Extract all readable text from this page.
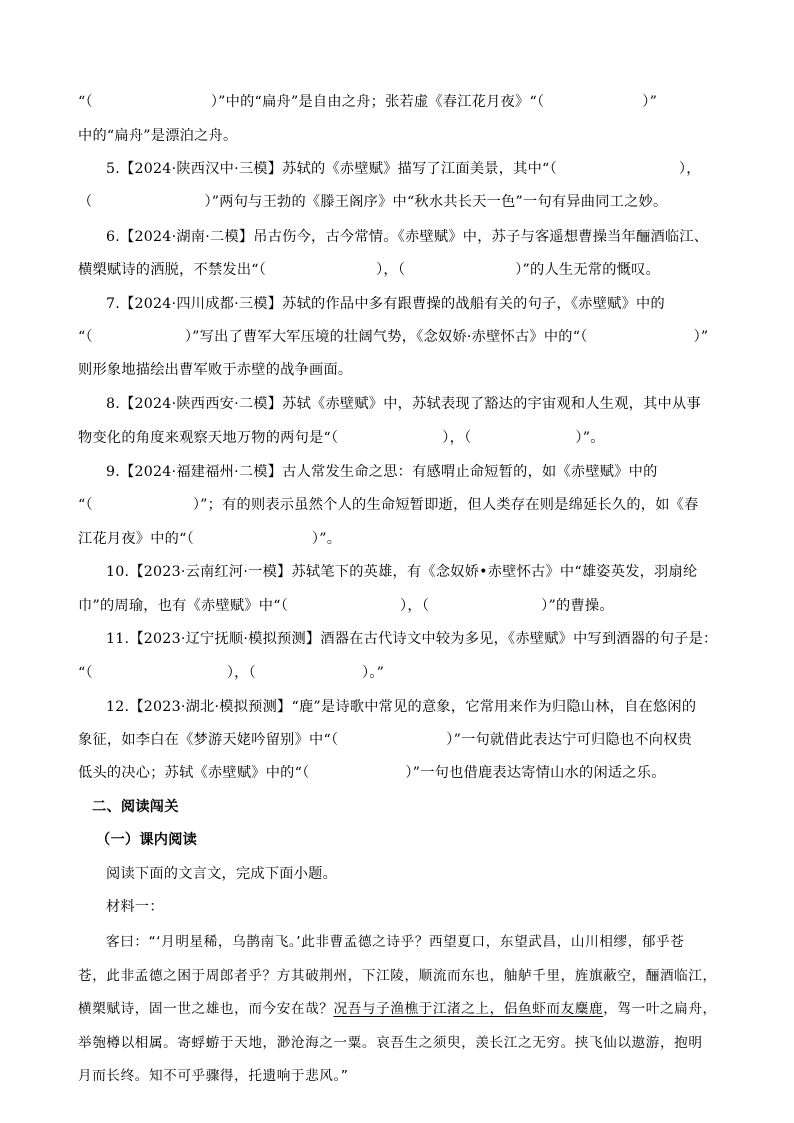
“（	）”中的“扁舟”是自由之舟；张若虚《春江花月夜》“（	）”
中的“扁舟”是漂泊之舟。
5.【2024·陕西汉中·三模】苏轼的《赤壁赋》描写了江面美景，其中“（	），
（	）”两句与王勃的《滕王阁序》中“秋水共长天一色”一句有异曲同工之妙。
6.【2024·湖南·二模】吊古伤今，古今常情。《赤壁赋》中，苏子与客遥想曹操当年酾酒临江、
横槊赋诗的洒脱，不禁发出“（	），（	）”的人生无常的慨叹。
7.【2024·四川成都·三模】苏轼的作品中多有跟曹操的战船有关的句子，《赤壁赋》中的
“（	）”写出了曹军大军压境的壮阔气势，《念奴娇·赤壁怀古》中的“（	）”
则形象地描绘出曹军败于赤壁的战争画面。
8.【2024·陕西西安·二模】苏轼《赤壁赋》中，苏轼表现了豁达的宇宙观和人生观，其中从事
物变化的角度来观察天地万物的两句是“（	），（	）”。
9.【2024·福建福州·二模】古人常发生命之思：有感喟止命短暂的，如《赤壁赋》中的
“（	）”；有的则表示虽然个人的生命短暂即逝，但人类存在则是绵延长久的，如《春
江花月夜》中的“（	）”。
10.【2023·云南红河·一模】苏轼笔下的英雄，有《念奴娇•赤壁怀古》中“雄姿英发，羽扇纶
巾”的周瑜，也有《赤壁赋》中“（	），（	）”的曹操。
11.【2023·辽宁抚顺·模拟预测】酒器在古代诗文中较为多见，《赤壁赋》中写到酒器的句子是：
“（	），（	）。”
12.【2023·湖北·模拟预测】“鹿”是诗歌中常见的意象，它常用来作为归隐山林，自在悠闲的
象征，如李白在《梦游天姥吟留别》中“（	）”一句就借此表达宁可归隐也不向权贵
低头的决心；苏轼《赤壁赋》中的“（	）”一句也借鹿表达寄情山水的闲适之乐。
二、阅读闯关
（一）课内阅读
阅读下面的文言文，完成下面小题。
材料一：
客曰：“‘月明星稀，乌鹊南飞。’此非曹孟德之诗乎？西望夏口，东望武昌，山川相缪，郁乎苍
苍，此非孟德之困于周郎者乎？方其破荆州，下江陵，顺流而东也，舳舻千里，旌旗蔽空，酾酒临江，
横槊赋诗，固一世之雄也，而今安在哉？况吾与子渔樵于江渚之上，侣鱼虾而友麋鹿，驾一叶之扁舟，
举匏樽以相属。寄蜉蝣于天地，渺沧海之一粟。哀吾生之须臾，羡长江之无穷。挟飞仙以遨游，抱明
月而长终。知不可乎骤得，托遗响于悲风。”
